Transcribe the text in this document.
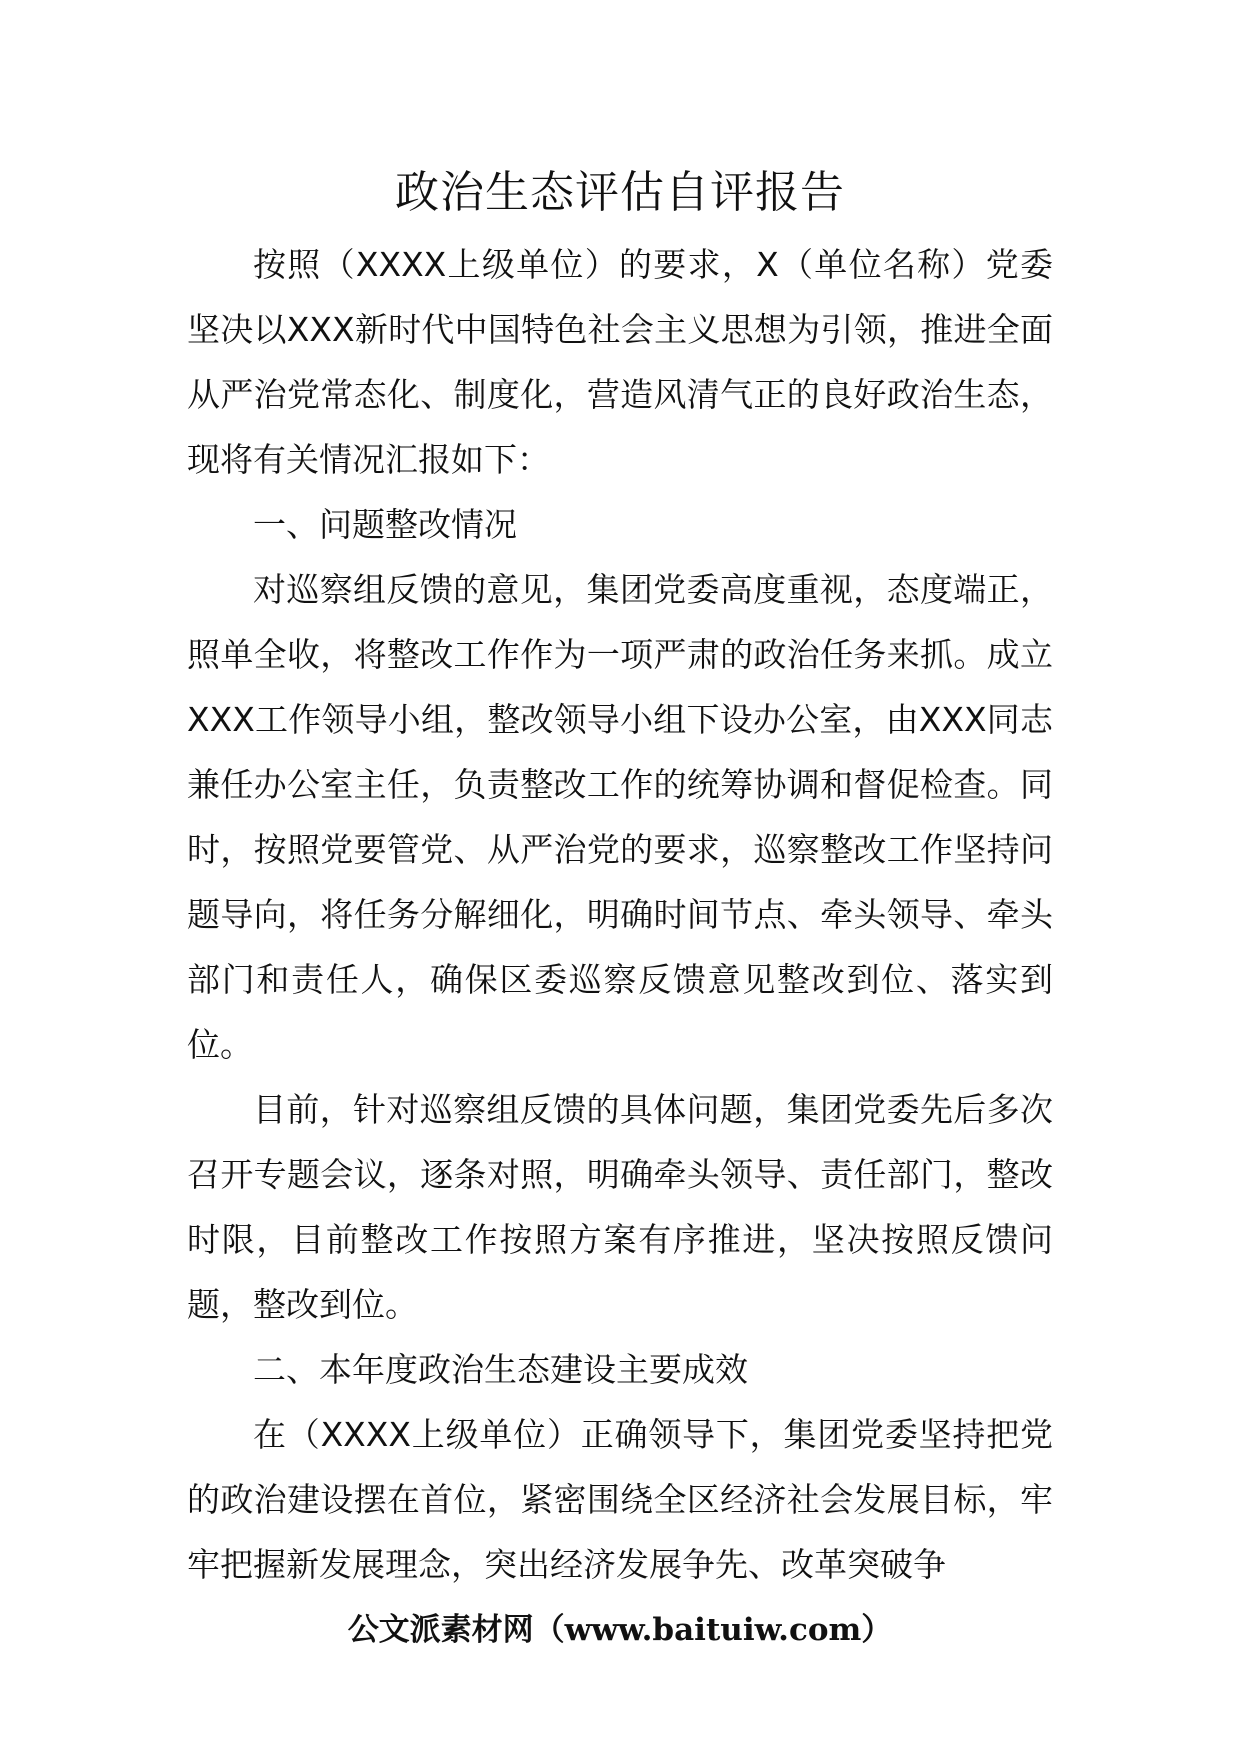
政治生态评估自评报告

按照（XXXX上级单位）的要求，X（单位名称）党委坚决以XXX新时代中国特色社会主义思想为引领，推进全面从严治党常态化、制度化，营造风清气正的良好政治生态，现将有关情况汇报如下：

一、问题整改情况

对巡察组反馈的意见，集团党委高度重视，态度端正，照单全收，将整改工作作为一项严肃的政治任务来抓。成立XXX工作领导小组，整改领导小组下设办公室，由XXX同志兼任办公室主任，负责整改工作的统筹协调和督促检查。同时，按照党要管党、从严治党的要求，巡察整改工作坚持问题导向，将任务分解细化，明确时间节点、牵头领导、牵头部门和责任人，确保区委巡察反馈意见整改到位、落实到位。

目前，针对巡察组反馈的具体问题，集团党委先后多次召开专题会议，逐条对照，明确牵头领导、责任部门，整改时限，目前整改工作按照方案有序推进，坚决按照反馈问题，整改到位。

二、本年度政治生态建设主要成效

在（XXXX上级单位）正确领导下，集团党委坚持把党的政治建设摆在首位，紧密围绕全区经济社会发展目标，牢牢把握新发展理念，突出经济发展争先、改革突破争

公文派素材网（www.baituiw.com）
